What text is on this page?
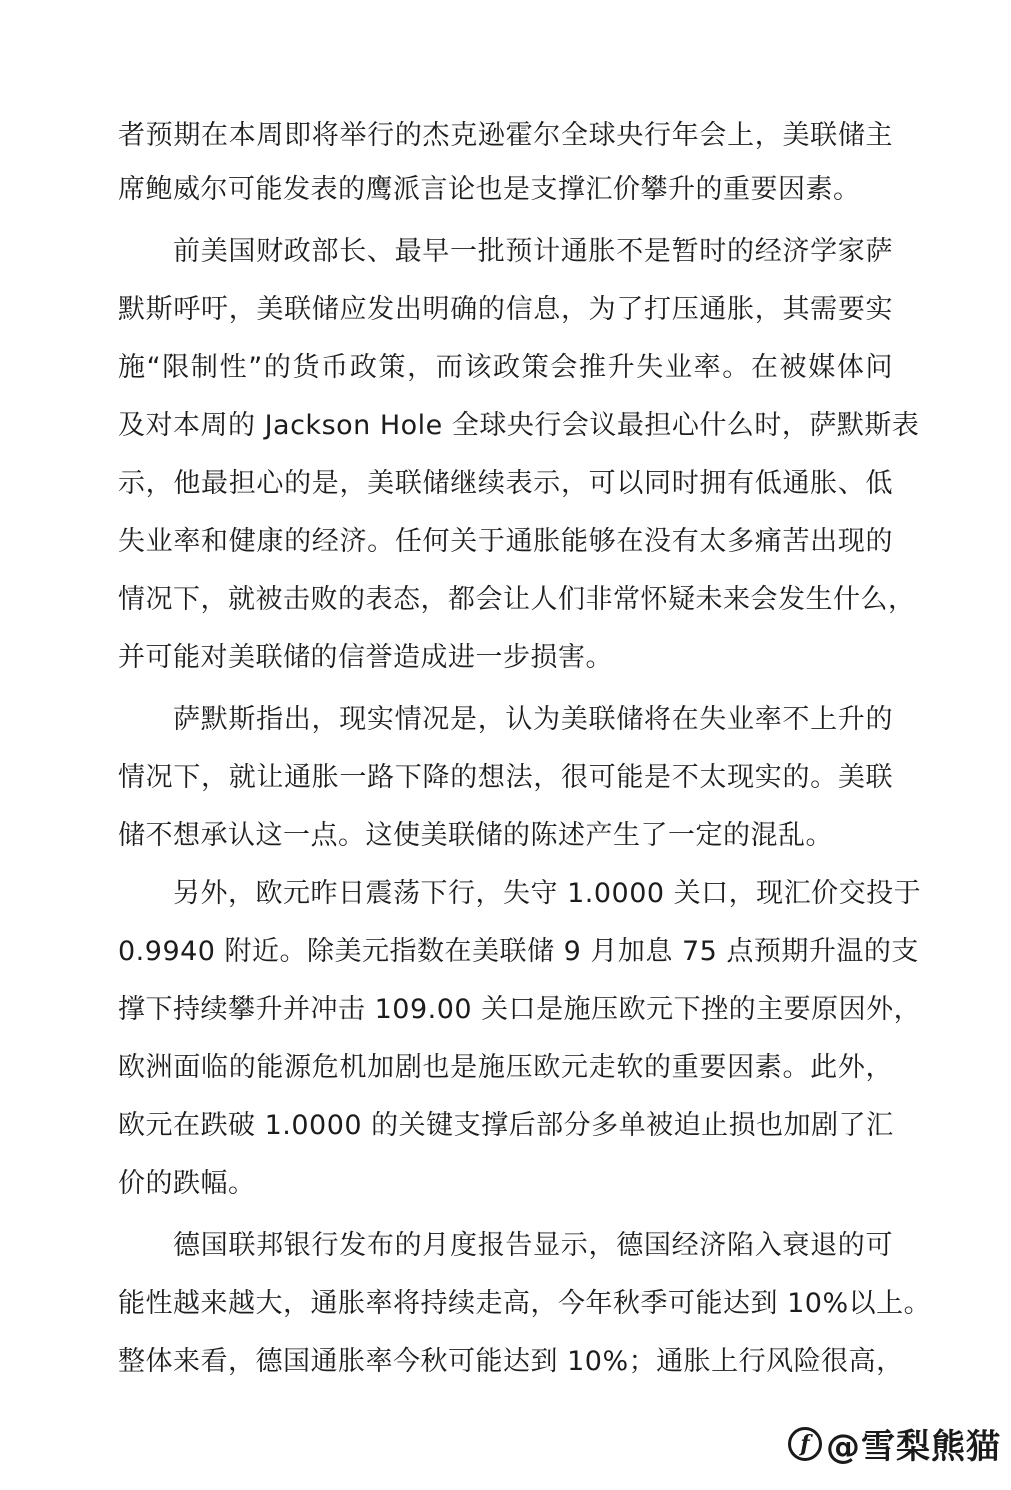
者预期在本周即将举行的杰克逊霍尔全球央行年会上，美联储主
席鲍威尔可能发表的鹰派言论也是支撑汇价攀升的重要因素。
前美国财政部长、最早一批预计通胀不是暂时的经济学家萨
默斯呼吁，美联储应发出明确的信息，为了打压通胀，其需要实
施“限制性”的货币政策，而该政策会推升失业率。在被媒体问
及对本周的 Jackson Hole 全球央行会议最担心什么时，萨默斯表
示，他最担心的是，美联储继续表示，可以同时拥有低通胀、低
失业率和健康的经济。任何关于通胀能够在没有太多痛苦出现的
情况下，就被击败的表态，都会让人们非常怀疑未来会发生什么，
并可能对美联储的信誉造成进一步损害。
萨默斯指出，现实情况是，认为美联储将在失业率不上升的
情况下，就让通胀一路下降的想法，很可能是不太现实的。美联
储不想承认这一点。这使美联储的陈述产生了一定的混乱。
另外，欧元昨日震荡下行，失守 1.0000 关口，现汇价交投于
0.9940 附近。除美元指数在美联储 9 月加息 75 点预期升温的支
撑下持续攀升并冲击 109.00 关口是施压欧元下挫的主要原因外，
欧洲面临的能源危机加剧也是施压欧元走软的重要因素。此外，
欧元在跌破 1.0000 的关键支撑后部分多单被迫止损也加剧了汇
价的跌幅。
德国联邦银行发布的月度报告显示，德国经济陷入衰退的可
能性越来越大，通胀率将持续走高，今年秋季可能达到 10%以上。
整体来看，德国通胀率今秋可能达到 10%；通胀上行风险很高，
f @雪梨熊猫
